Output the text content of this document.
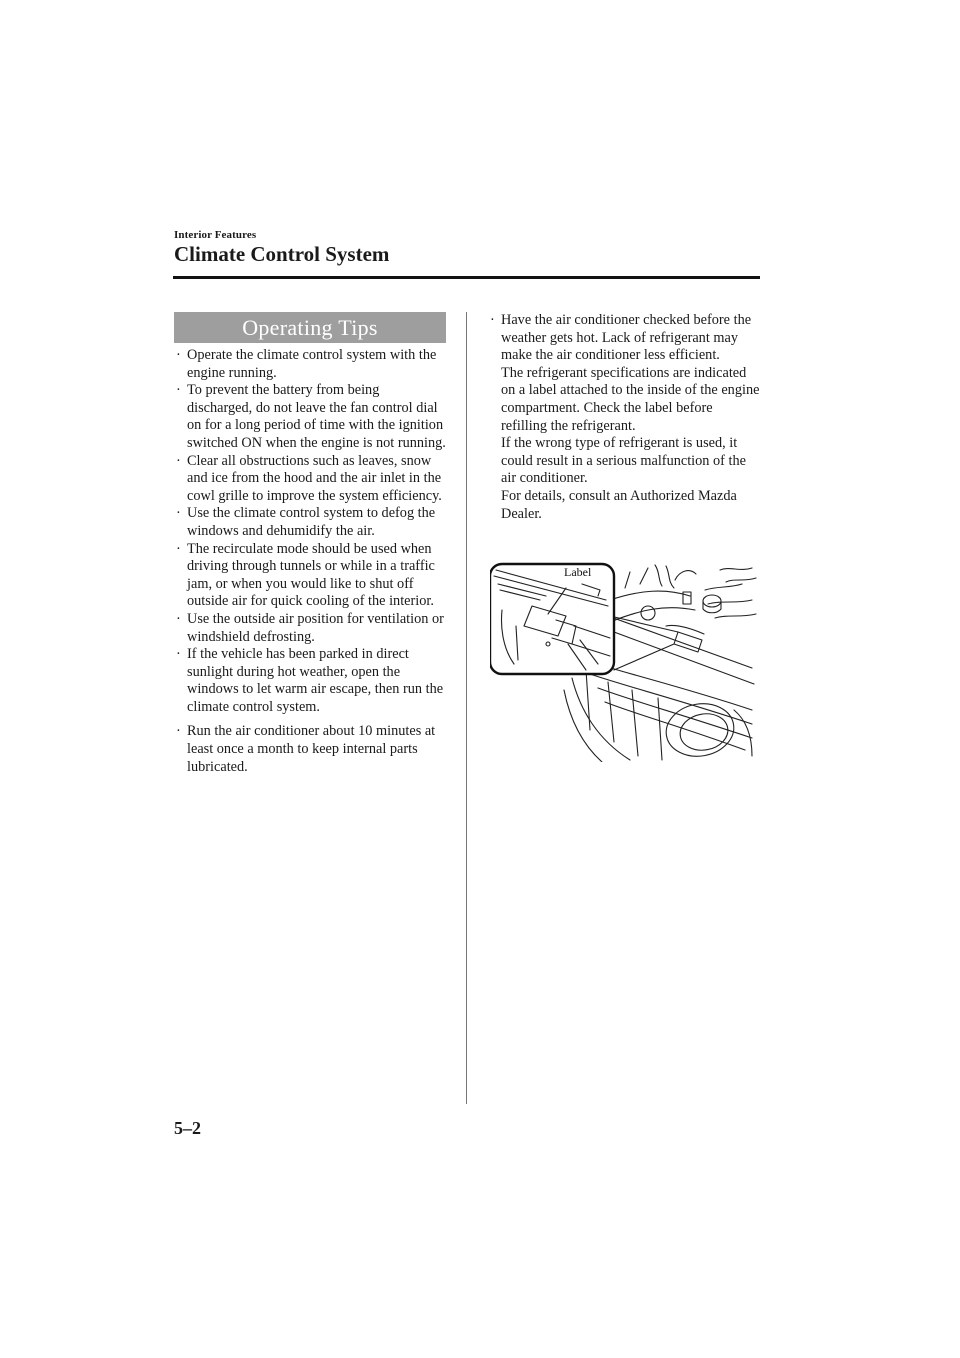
Interior Features
Climate Control System
Operating Tips
· Operate the climate control system with the engine running.
· To prevent the battery from being discharged, do not leave the fan control dial on for a long period of time with the ignition switched ON when the engine is not running.
· Clear all obstructions such as leaves, snow and ice from the hood and the air inlet in the cowl grille to improve the system efficiency.
· Use the climate control system to defog the windows and dehumidify the air.
· The recirculate mode should be used when driving through tunnels or while in a traffic jam, or when you would like to shut off outside air for quick cooling of the interior.
· Use the outside air position for ventilation or windshield defrosting.
· If the vehicle has been parked in direct sunlight during hot weather, open the windows to let warm air escape, then run the climate control system.
· Run the air conditioner about 10 minutes at least once a month to keep internal parts lubricated.
· Have the air conditioner checked before the weather gets hot. Lack of refrigerant may make the air conditioner less efficient.
The refrigerant specifications are indicated on a label attached to the inside of the engine compartment. Check the label before refilling the refrigerant.
If the wrong type of refrigerant is used, it could result in a serious malfunction of the air conditioner.
For details, consult an Authorized Mazda Dealer.
Label
5–2
